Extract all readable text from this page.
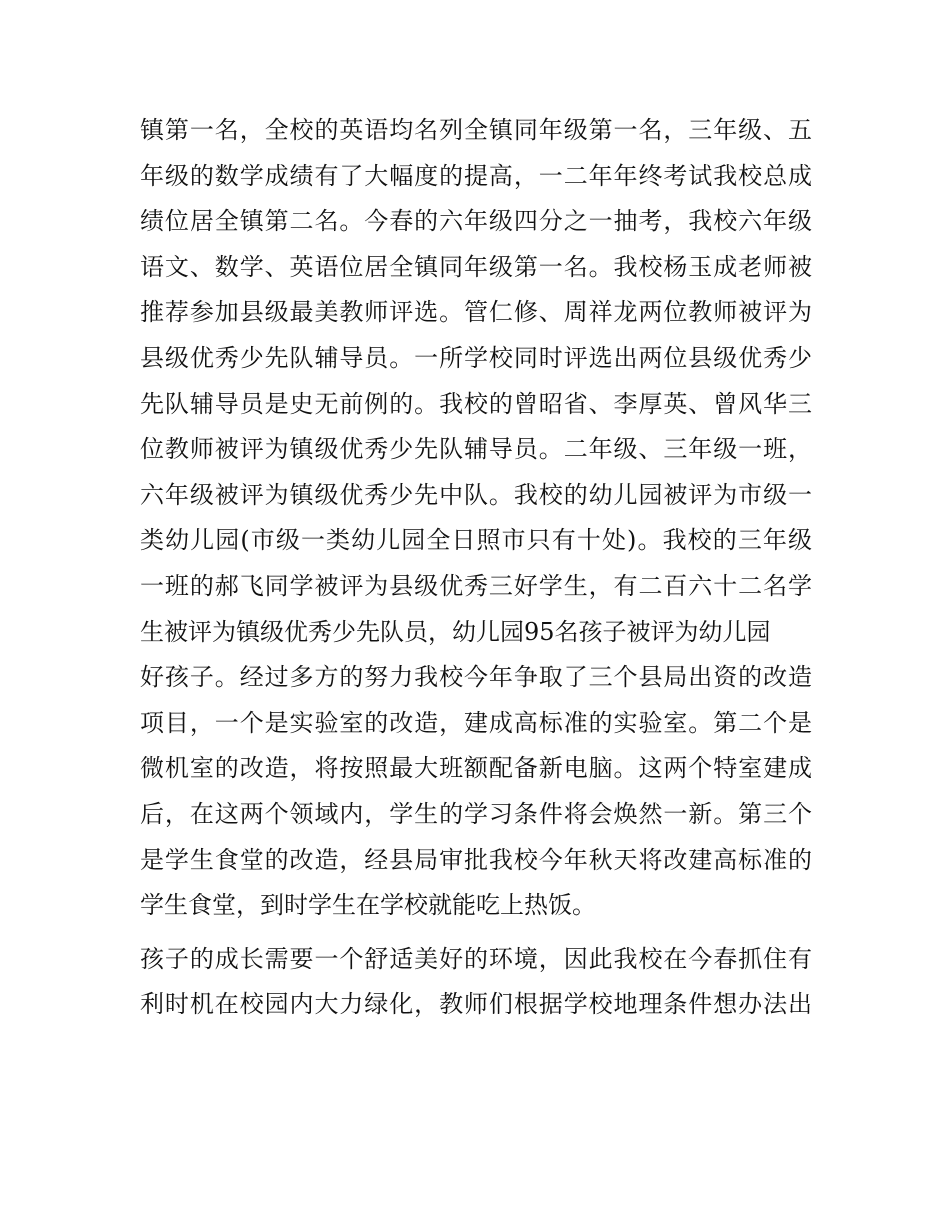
镇第一名，全校的英语均名列全镇同年级第一名，三年级、五
年级的数学成绩有了大幅度的提高，一二年年终考试我校总成
绩位居全镇第二名。今春的六年级四分之一抽考，我校六年级
语文、数学、英语位居全镇同年级第一名。我校杨玉成老师被
推荐参加县级最美教师评选。管仁修、周祥龙两位教师被评为
县级优秀少先队辅导员。一所学校同时评选出两位县级优秀少
先队辅导员是史无前例的。我校的曾昭省、李厚英、曾风华三
位教师被评为镇级优秀少先队辅导员。二年级、三年级一班，
六年级被评为镇级优秀少先中队。我校的幼儿园被评为市级一
类幼儿园(市级一类幼儿园全日照市只有十处)。我校的三年级
一班的郝飞同学被评为县级优秀三好学生，有二百六十二名学
生被评为镇级优秀少先队员，幼儿园95名孩子被评为幼儿园
好孩子。经过多方的努力我校今年争取了三个县局出资的改造
项目，一个是实验室的改造，建成高标准的实验室。第二个是
微机室的改造，将按照最大班额配备新电脑。这两个特室建成
后，在这两个领域内，学生的学习条件将会焕然一新。第三个
是学生食堂的改造，经县局审批我校今年秋天将改建高标准的
学生食堂，到时学生在学校就能吃上热饭。
孩子的成长需要一个舒适美好的环境，因此我校在今春抓住有
利时机在校园内大力绿化，教师们根据学校地理条件想办法出
